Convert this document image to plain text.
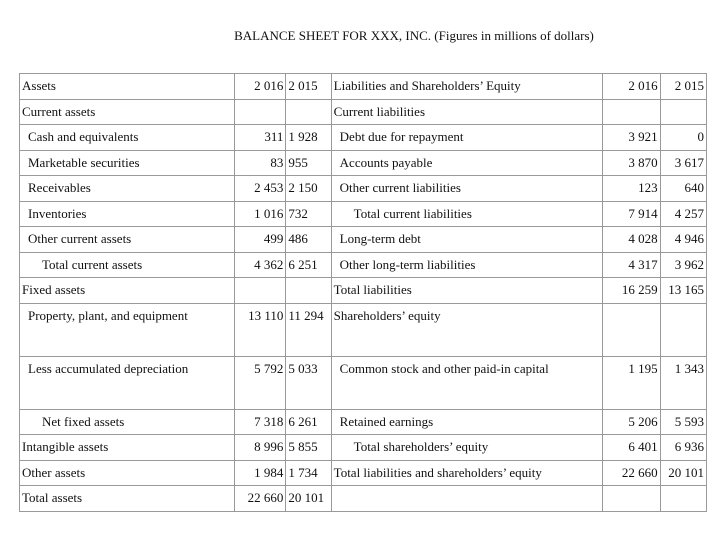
BALANCE SHEET FOR XXX, INC. (Figures in millions of dollars)
Assets	2 016	2 015	Liabilities and Shareholders’ Equity	2 016	2 015
Current assets			Current liabilities		
Cash and equivalents	311	1 928	Debt due for repayment	3 921	0
Marketable securities	83	955	Accounts payable	3 870	3 617
Receivables	2 453	2 150	Other current liabilities	123	640
Inventories	1 016	732	Total current liabilities	7 914	4 257
Other current assets	499	486	Long-term debt	4 028	4 946
Total current assets	4 362	6 251	Other long-term liabilities	4 317	3 962
Fixed assets			Total liabilities	16 259	13 165
Property, plant, and equipment	13 110	11 294	Shareholders’ equity		
Less accumulated depreciation	5 792	5 033	Common stock and other paid-in capital	1 195	1 343
Net fixed assets	7 318	6 261	Retained earnings	5 206	5 593
Intangible assets	8 996	5 855	Total shareholders’ equity	6 401	6 936
Other assets	1 984	1 734	Total liabilities and shareholders’ equity	22 660	20 101
Total assets	22 660	20 101			
